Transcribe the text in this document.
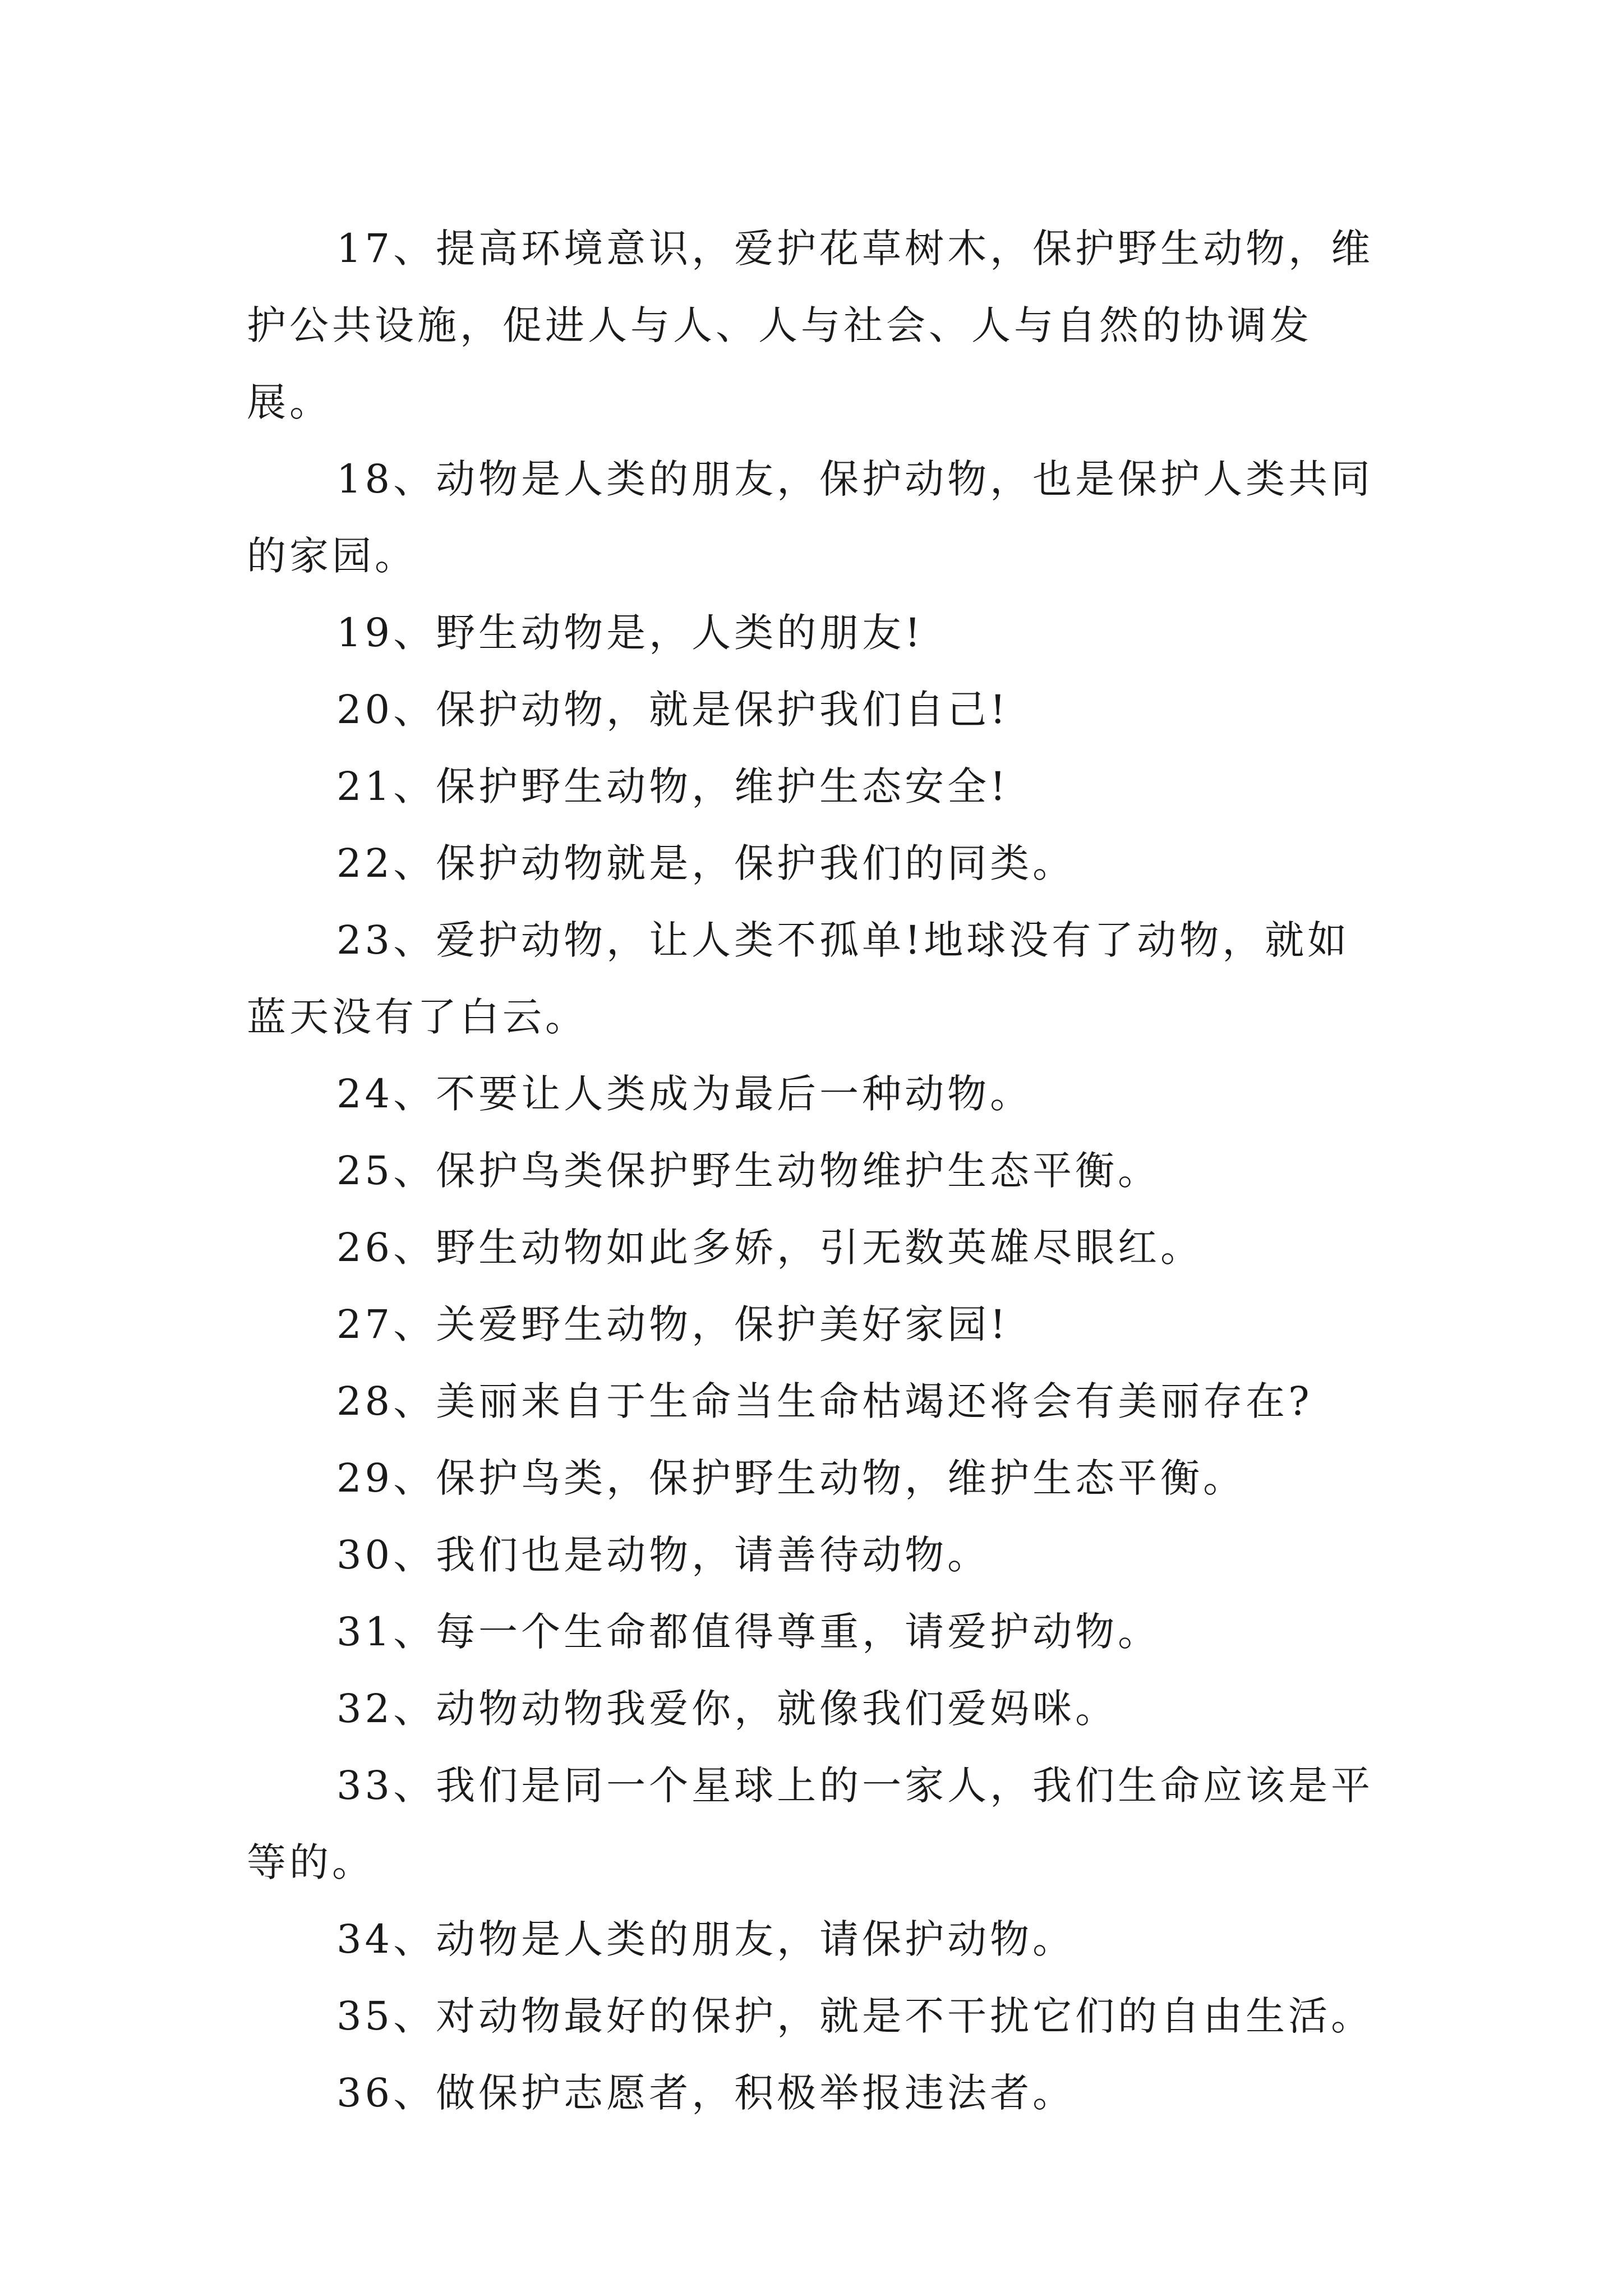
17、提高环境意识，爱护花草树木，保护野生动物，维护公共设施，促进人与人、人与社会、人与自然的协调发展。

18、动物是人类的朋友，保护动物，也是保护人类共同的家园。

19、野生动物是，人类的朋友!

20、保护动物，就是保护我们自己!

21、保护野生动物，维护生态安全!

22、保护动物就是，保护我们的同类。

23、爱护动物，让人类不孤单!地球没有了动物，就如蓝天没有了白云。

24、不要让人类成为最后一种动物。

25、保护鸟类保护野生动物维护生态平衡。

26、野生动物如此多娇，引无数英雄尽眼红。

27、关爱野生动物，保护美好家园!

28、美丽来自于生命当生命枯竭还将会有美丽存在?

29、保护鸟类，保护野生动物，维护生态平衡。

30、我们也是动物，请善待动物。

31、每一个生命都值得尊重，请爱护动物。

32、动物动物我爱你，就像我们爱妈咪。

33、我们是同一个星球上的一家人，我们生命应该是平等的。

34、动物是人类的朋友，请保护动物。

35、对动物最好的保护，就是不干扰它们的自由生活。

36、做保护志愿者，积极举报违法者。
